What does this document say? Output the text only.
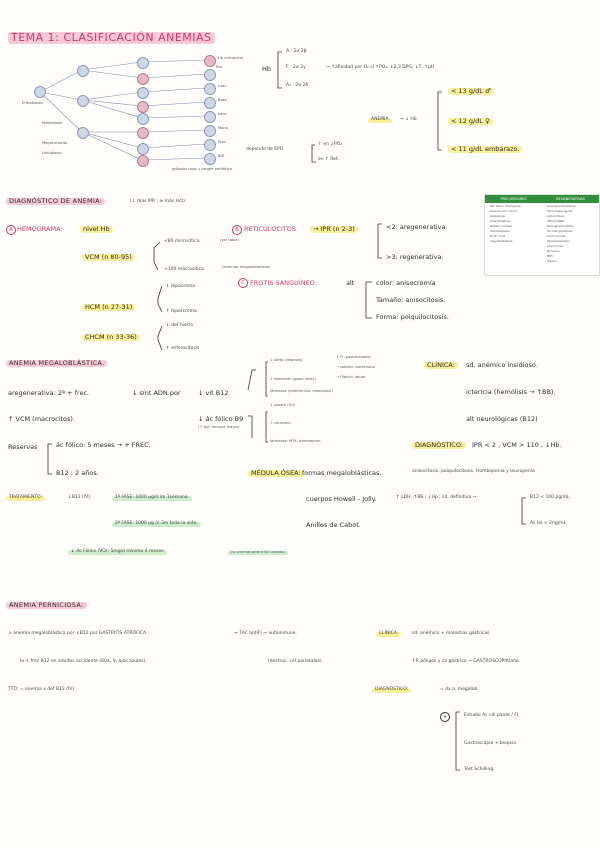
TEMA 1: CLASIFICACIÓN ANEMIAS
Eritroblasto
Mieloblasto
Megacariocito
Linfoblasto
Hb (eritrocito)
Gran
Baso
Neut
Mono
Plaq
BAT
glóbulos rojos y sangre periférica
Eos	Hb
A : 2α 2β
F : 2α 2γ
A₂ : 2α 2δ
→ ↑afinidad por O₂ si ↑PO₂, ↓2,3 DPG, ↓T, ↑pH
depende de EPO
↑ en ↓PO₂
en ↑ Ret.
ANEMIA	→ ↓ Hb
< 13 g/dL ♂
< 12 g/dL ♀
< 11 g/dL embarazo.
DIAGNÓSTICO DE ANEMIA:	(↓ más IPR ; ≥ más Hct)
A HEMOGRAMA:	nivel Hb
VCM (n 80-95)
<80 microcítica	(ver tabla)
>100 macrocítica	(anemias megaloblásticas)
HCM (n 27-31)
↓ hipocroma
↑ hipercroma
CHCM (n 33-36)
↓ def hierro
↑ esferocitosis
B RETICULOCITOS	→ IPR (n 2-3)	<2: aregenerativa.
>3: regenerativa.
C FROTIS SANGUÍNEO:	alt	color: anisocromía
Tamaño: anisocitosis.
Forma: poiquilocitosis.
PRECURSORES	REGENERATIVAS
· def. hierro (ferropenia)	· anemias hemolíticas
· anemia enf. crónica	· hemorragia aguda
· talasemias	· esferocitosis
· sideroblásticas	· déficit G6PD
· aplasia medular	· hemoglobinopatías
· mielodisplasia	· microangiopáticas
· insuf. renal	· autoinmunes
· megaloblásticas	· hiperesplenismo
· infecciones
· fármacos
· PNH
· tóxicos
ANEMIA MEGALOBLÁSTICA.
aregenerativa; 2ª + frec.	↓ sínt ADN por	↓ vit B12
↓ dieta (veganos)
↓ absorción (gastr. atróf.)
fármacos (metformina, omeprazol)
↓ FI (gastrectomía)
→ sobrecr. bacteriano
→ Diphyll. latum
↓ ác fólico B9
(↑ sist. inmune mayor)
↓ aporte (OH)
↑ consumo
fármacos: MTX, trimetoprim
↑ VCM (macrocitos).
Reservas	ác fólico: 5 meses → + FREC.
B12 : 2 años.
CLÍNICA:	sd. anémico insidioso.
ictericia (hemólisis → ↑BB).
alt neurológicas (B12)
DIAGNÓSTICO:	IPR < 2 , VCM > 110 , ↓Hb.
MÉDULA ÓSEA: formas megaloblásticas.	anisocitosis, poiquilocitosis, trombopenia y leucopenia
cuerpos Howell - Jolly.
Anillos de Cabot.
↑ LDH, ↑BB ; ↓Hp ; sd. definitiva →	B12 < 100 pg/mL
Ac fol < 2ng/mL
TRATAMIENTO:	↓B12 (IV):	1ª FASE: 1000 μg/d im 1semana.
2ª FASE: 1000 μg /c-3m toda la vida.
↓ Ac Fólico (VO): 5mg/d mínimo 4 meses	(si anemia severa NO aislado)
ANEMIA PERNICIOSA:
↳ anemia megaloblástica por ↓B12 por GASTRITIS ATRÓFICA.	→ TAC antiFI → autoinmune.	CLÍNICA:	sd. anémico + molestias gástricas
la + frec B12 en adultos occidente (60a, ♀, ojos azules)	(destruc. cél parietales)	↑R pólipos y ca gástrico → GASTROSCOPIA/año
TTO: = anemia x def B12 (IV)	DIAGNÓSTICO:	= dx a. megalob.
+	Estudio Ac cél panet / FI
Gastroscopia + biopsia
Test Schilling.
